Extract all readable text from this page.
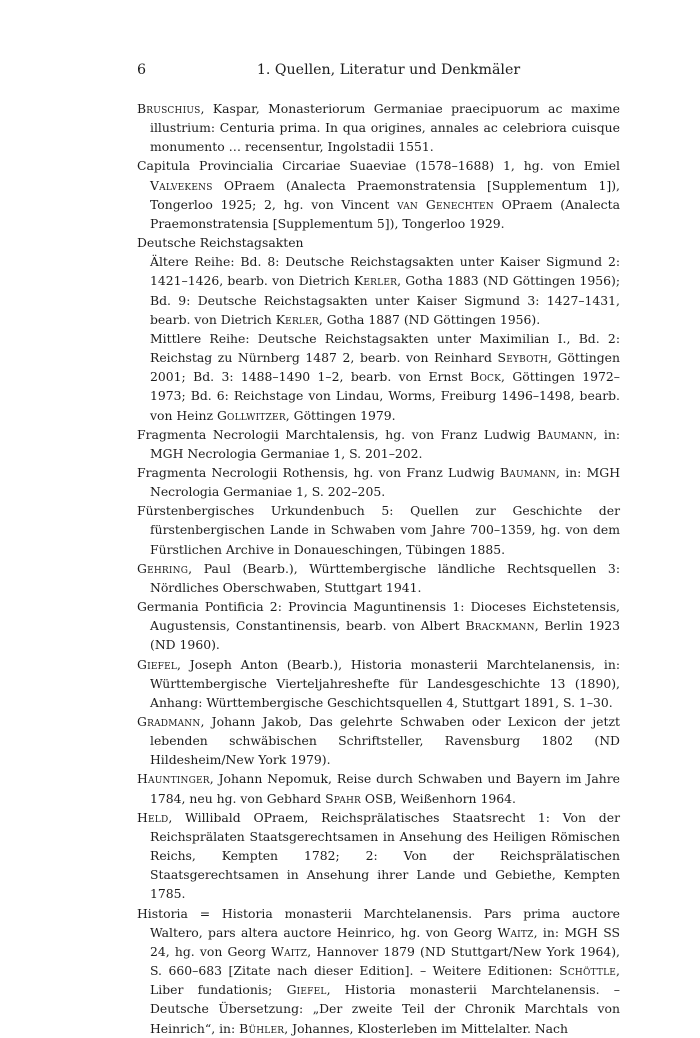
6	1. Quellen, Literatur und Denkmäler

Bruschius, Kaspar, Monasteriorum Germaniae praecipuorum ac maxime illustrium: Centuria prima. In qua origines, annales ac celebriora cuisque monumento … recensentur, Ingolstadii 1551.

Capitula Provincialia Circariae Suaeviae (1578–1688) 1, hg. von Emiel Valvekens OPraem (Analecta Praemonstratensia [Supplementum 1]), Tongerloo 1925; 2, hg. von Vincent van Genechten OPraem (Analecta Praemonstratensia [Supplementum 5]), Tongerloo 1929.

Deutsche Reichstagsakten

Ältere Reihe: Bd. 8: Deutsche Reichstagsakten unter Kaiser Sigmund 2: 1421–1426, bearb. von Dietrich Kerler, Gotha 1883 (ND Göttingen 1956); Bd. 9: Deutsche Reichstagsakten unter Kaiser Sigmund 3: 1427–1431, bearb. von Dietrich Kerler, Gotha 1887 (ND Göttingen 1956).

Mittlere Reihe: Deutsche Reichstagsakten unter Maximilian I., Bd. 2: Reichstag zu Nürnberg 1487 2, bearb. von Reinhard Seyboth, Göttingen 2001; Bd. 3: 1488–1490 1–2, bearb. von Ernst Bock, Göttingen 1972–1973; Bd. 6: Reichstage von Lindau, Worms, Freiburg 1496–1498, bearb. von Heinz Gollwitzer, Göttingen 1979.

Fragmenta Necrologii Marchtalensis, hg. von Franz Ludwig Baumann, in: MGH Necrologia Germaniae 1, S. 201–202.

Fragmenta Necrologii Rothensis, hg. von Franz Ludwig Baumann, in: MGH Necrologia Germaniae 1, S. 202–205.

Fürstenbergisches Urkundenbuch 5: Quellen zur Geschichte der fürstenbergischen Lande in Schwaben vom Jahre 700–1359, hg. von dem Fürstlichen Archive in Donaueschingen, Tübingen 1885.

Gehring, Paul (Bearb.), Württembergische ländliche Rechtsquellen 3: Nördliches Oberschwaben, Stuttgart 1941.

Germania Pontificia 2: Provincia Maguntinensis 1: Dioceses Eichstetensis, Augustensis, Constantinensis, bearb. von Albert Brackmann, Berlin 1923 (ND 1960).

Giefel, Joseph Anton (Bearb.), Historia monasterii Marchtelanensis, in: Württembergische Vierteljahreshefte für Landesgeschichte 13 (1890), Anhang: Württembergische Geschichtsquellen 4, Stuttgart 1891, S. 1–30.

Gradmann, Johann Jakob, Das gelehrte Schwaben oder Lexicon der jetzt lebenden schwäbischen Schriftsteller, Ravensburg 1802 (ND Hildesheim/New York 1979).

Hauntinger, Johann Nepomuk, Reise durch Schwaben und Bayern im Jahre 1784, neu hg. von Gebhard Spahr OSB, Weißenhorn 1964.

Held, Willibald OPraem, Reichsprälatisches Staatsrecht 1: Von der Reichsprälaten Staatsgerechtsamen in Ansehung des Heiligen Römischen Reichs, Kempten 1782; 2: Von der Reichsprälatischen Staatsgerechtsamen in Ansehung ihrer Lande und Gebiethe, Kempten 1785.

Historia = Historia monasterii Marchtelanensis. Pars prima auctore Waltero, pars altera auctore Heinrico, hg. von Georg Waitz, in: MGH SS 24, hg. von Georg Waitz, Hannover 1879 (ND Stuttgart/New York 1964), S. 660–683 [Zitate nach dieser Edition]. – Weitere Editionen: Schöttle, Liber fundationis; Giefel, Historia monasterii Marchtelanensis. – Deutsche Übersetzung: „Der zweite Teil der Chronik Marchtals von Heinrich“, in: Bühler, Johannes, Klosterleben im Mittelalter. Nach
